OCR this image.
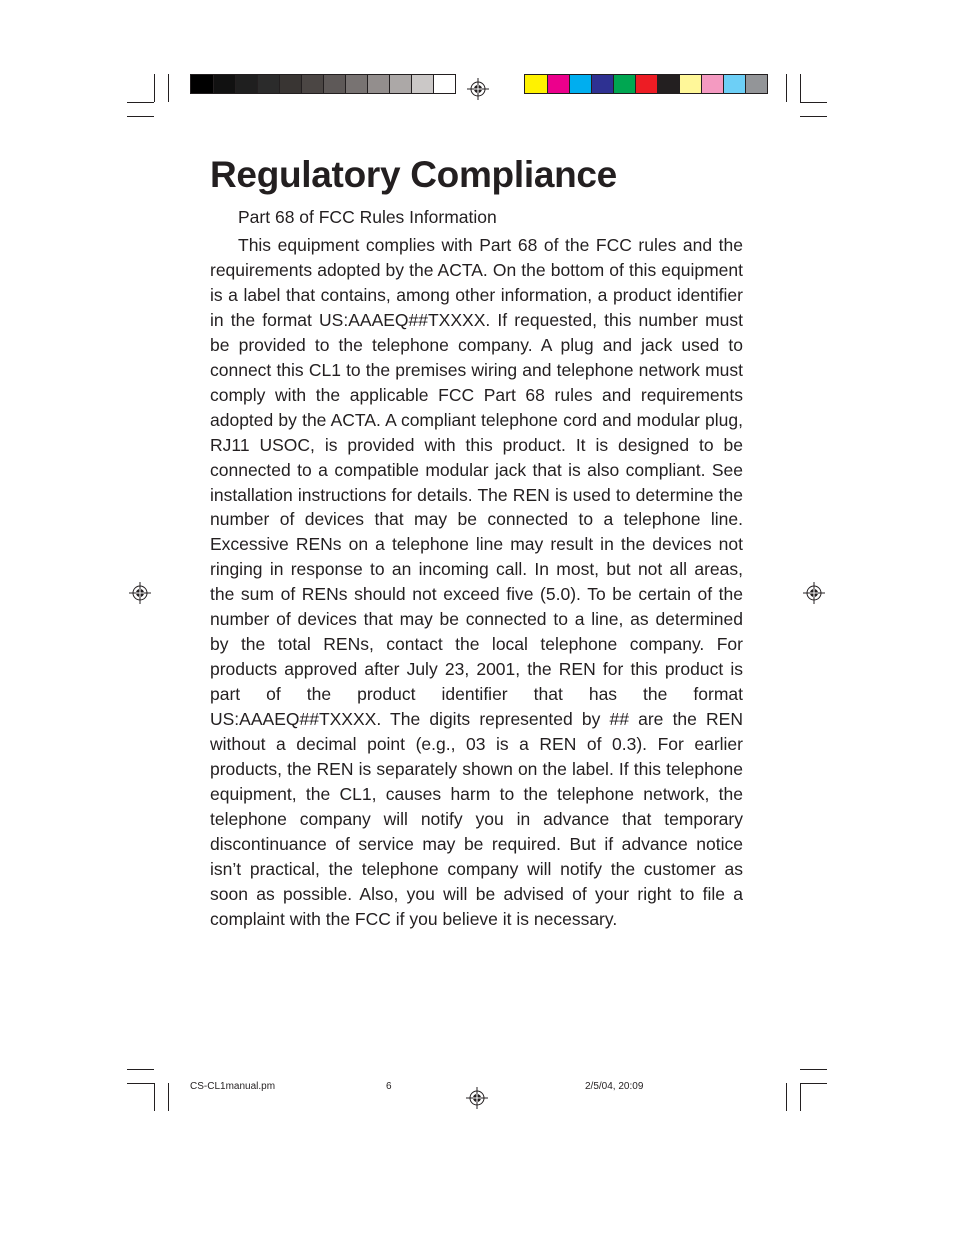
Regulatory Compliance

Part 68 of FCC Rules Information

This equipment complies with Part 68 of the FCC rules and the requirements adopted by the ACTA. On the bottom of this equipment is a label that contains, among other information, a product identifier in the format US:AAAEQ##TXXXX. If requested, this number must be provided to the telephone company. A plug and jack used to connect this CL1 to the premises wiring and telephone network must comply with the applicable FCC Part 68 rules and requirements adopted by the ACTA. A compliant telephone cord and modular plug, RJ11 USOC, is provided with this product. It is designed to be connected to a compatible modular jack that is also compliant. See installation instructions for details. The REN is used to determine the number of devices that may be connected to a telephone line. Excessive RENs on a telephone line may result in the devices not ringing in response to an incoming call. In most, but not all areas, the sum of RENs should not exceed five (5.0). To be certain of the number of devices that may be connected to a line, as determined by the total RENs, contact the local telephone company. For products approved after July 23, 2001, the REN for this product is part of the product identifier that has the format US:AAAEQ##TXXXX. The digits represented by ## are the REN without a decimal point (e.g., 03 is a REN of 0.3). For earlier products, the REN is separately shown on the label. If this telephone equipment, the CL1, causes harm to the telephone network, the telephone company will notify you in advance that temporary discontinuance of service may be required. But if advance notice isn’t practical, the telephone company will notify the customer as soon as possible. Also, you will be advised of your right to file a complaint with the FCC if you believe it is necessary.

CS-CL1manual.pm	6	2/5/04, 20:09
